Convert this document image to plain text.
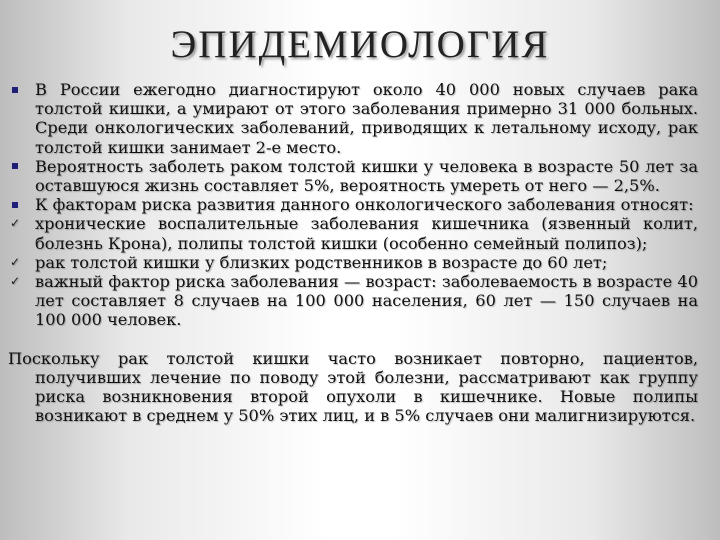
ЭПИДЕМИОЛОГИЯ
В России ежегодно диагностируют около 40 000 новых случаев рака толстой кишки, а умирают от этого заболевания примерно 31 000 больных. Среди онкологических заболеваний, приводящих к летальному исходу, рак толстой кишки занимает 2-е место.
Вероятность заболеть раком толстой кишки у человека в возрасте 50 лет за оставшуюся жизнь составляет 5%, вероятность умереть от него — 2,5%.
К факторам риска развития данного онкологического заболевания относят:
✓ хронические воспалительные заболевания кишечника (язвенный колит, болезнь Крона), полипы толстой кишки (особенно семейный полипоз);
✓ рак толстой кишки у близких родственников в возрасте до 60 лет;
✓ важный фактор риска заболевания — возраст: заболеваемость в возрасте 40 лет составляет 8 случаев на 100 000 населения, 60 лет — 150 случаев на 100 000 человек.
Поскольку рак толстой кишки часто возникает повторно, пациентов, получивших лечение по поводу этой болезни, рассматривают как группу риска возникновения второй опухоли в кишечнике. Новые полипы возникают в среднем у 50% этих лиц, и в 5% случаев они малигнизируются.
